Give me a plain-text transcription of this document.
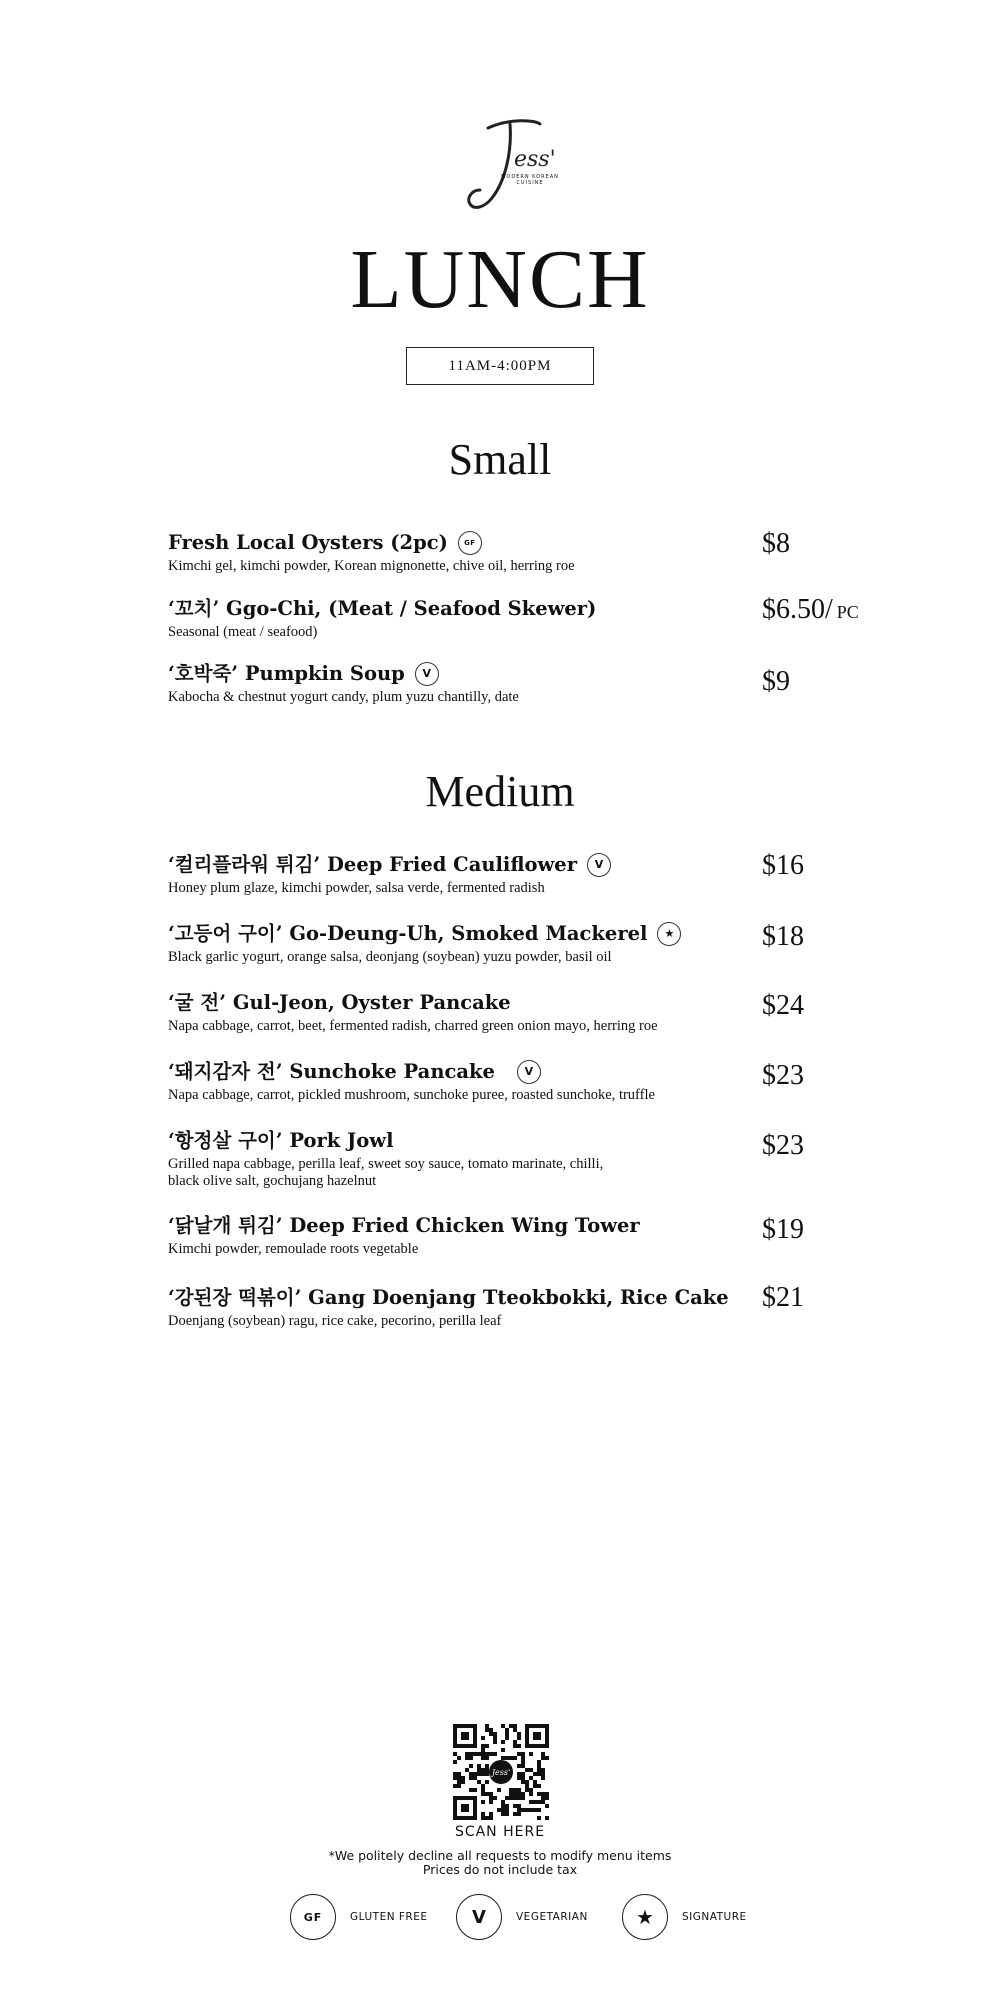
ess'
MODERN KOREAN CUISINE
LUNCH
11AM-4:00PM
Small
Fresh Local Oysters (2pc)	GF
Kimchi gel, kimchi powder, Korean mignonette, chive oil, herring roe
$8
‘꼬치’ Ggo-Chi, (Meat / Seafood Skewer)
Seasonal (meat / seafood)
$6.50/ PC
‘호박죽’ Pumpkin Soup	V
Kabocha & chestnut yogurt candy, plum yuzu chantilly, date	$9
Medium
‘컬리플라워 튀김’ Deep Fried Cauliflower	V
Honey plum glaze, kimchi powder, salsa verde, fermented radish
$16
‘고등어 구이’ Go-Deung-Uh, Smoked Mackerel	★
Black garlic yogurt, orange salsa, deonjang (soybean) yuzu powder, basil oil
$18
‘굴 전’ Gul-Jeon, Oyster Pancake
Napa cabbage, carrot, beet, fermented radish, charred green onion mayo, herring roe
$24
‘돼지감자 전’ Sunchoke Pancake	V
Napa cabbage, carrot, pickled mushroom, sunchoke puree, roasted sunchoke, truffle
$23
‘항정살 구이’ Pork Jowl
Grilled napa cabbage, perilla leaf, sweet soy sauce, tomato marinate, chilli, black olive salt, gochujang hazelnut
$23
‘닭날개 튀김’ Deep Fried Chicken Wing Tower
Kimchi powder, remoulade roots vegetable
$19
‘강된장 떡볶이’ Gang Doenjang Tteokbokki, Rice Cake
Doenjang (soybean) ragu, rice cake, pecorino, perilla leaf
$21
Jess'
SCAN HERE
*We politely decline all requests to modify menu items
Prices do not include tax
GF	GLUTEN FREE	V	VEGETARIAN	★	SIGNATURE
